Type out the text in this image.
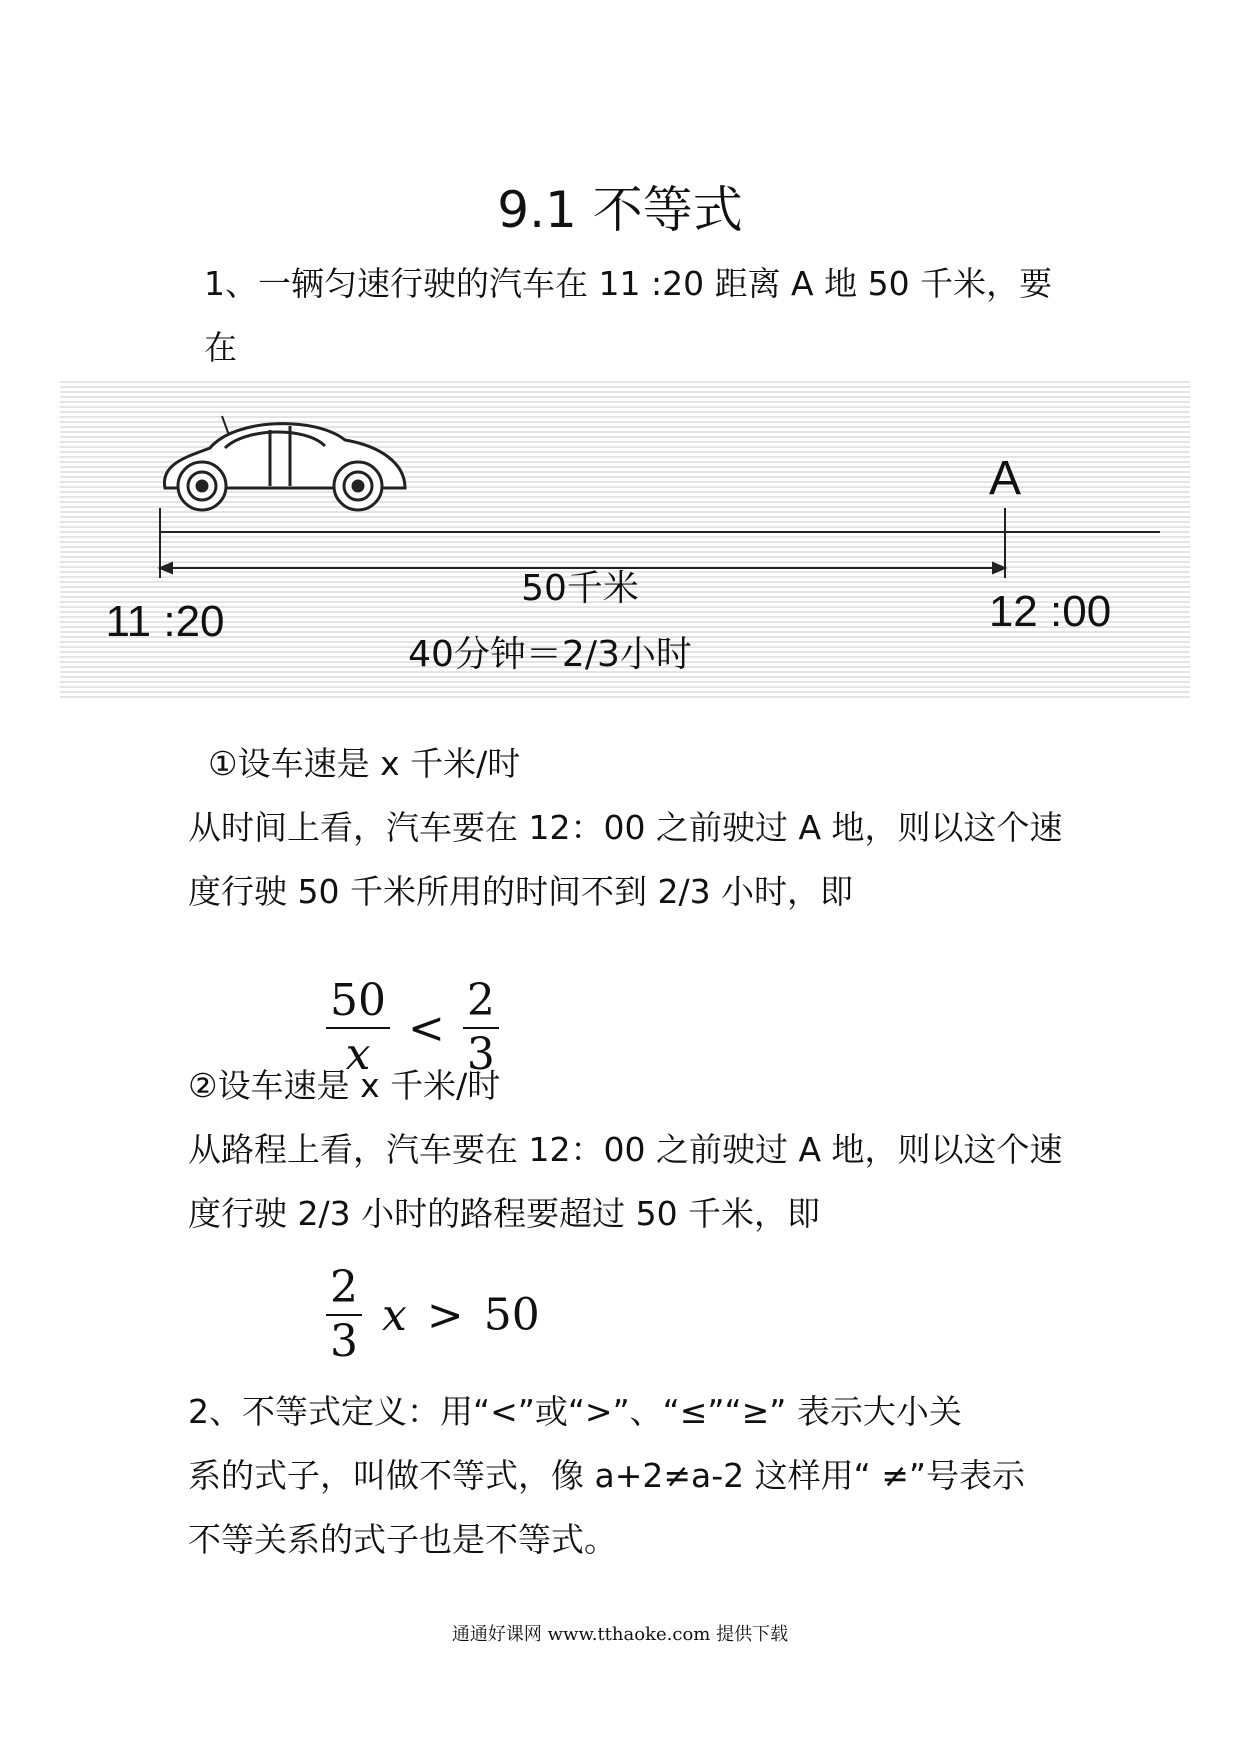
9.1 不等式
1、一辆匀速行驶的汽车在 11 :20 距离 A 地 50 千米，要在
A
50千米
11 :20	12 :00
40分钟＝2/3小时
①设车速是 x 千米/时
从时间上看，汽车要在 12：00 之前驶过 A 地，则以这个速
度行驶 50 千米所用的时间不到 2/3 小时，即
$\frac{50}{x} < \frac{2}{3}$
②设车速是 x 千米/时
从路程上看，汽车要在 12：00 之前驶过 A 地，则以这个速
度行驶 2/3 小时的路程要超过 50 千米，即
$\frac{2}{3}$ x > 50
2、不等式定义：用“<”或“>”、“≤”“≥” 表示大小关
系的式子，叫做不等式，像 a+2≠a-2 这样用“ ≠”号表示
不等关系的式子也是不等式。
通通好课网 www.tthaoke.com 提供下载
